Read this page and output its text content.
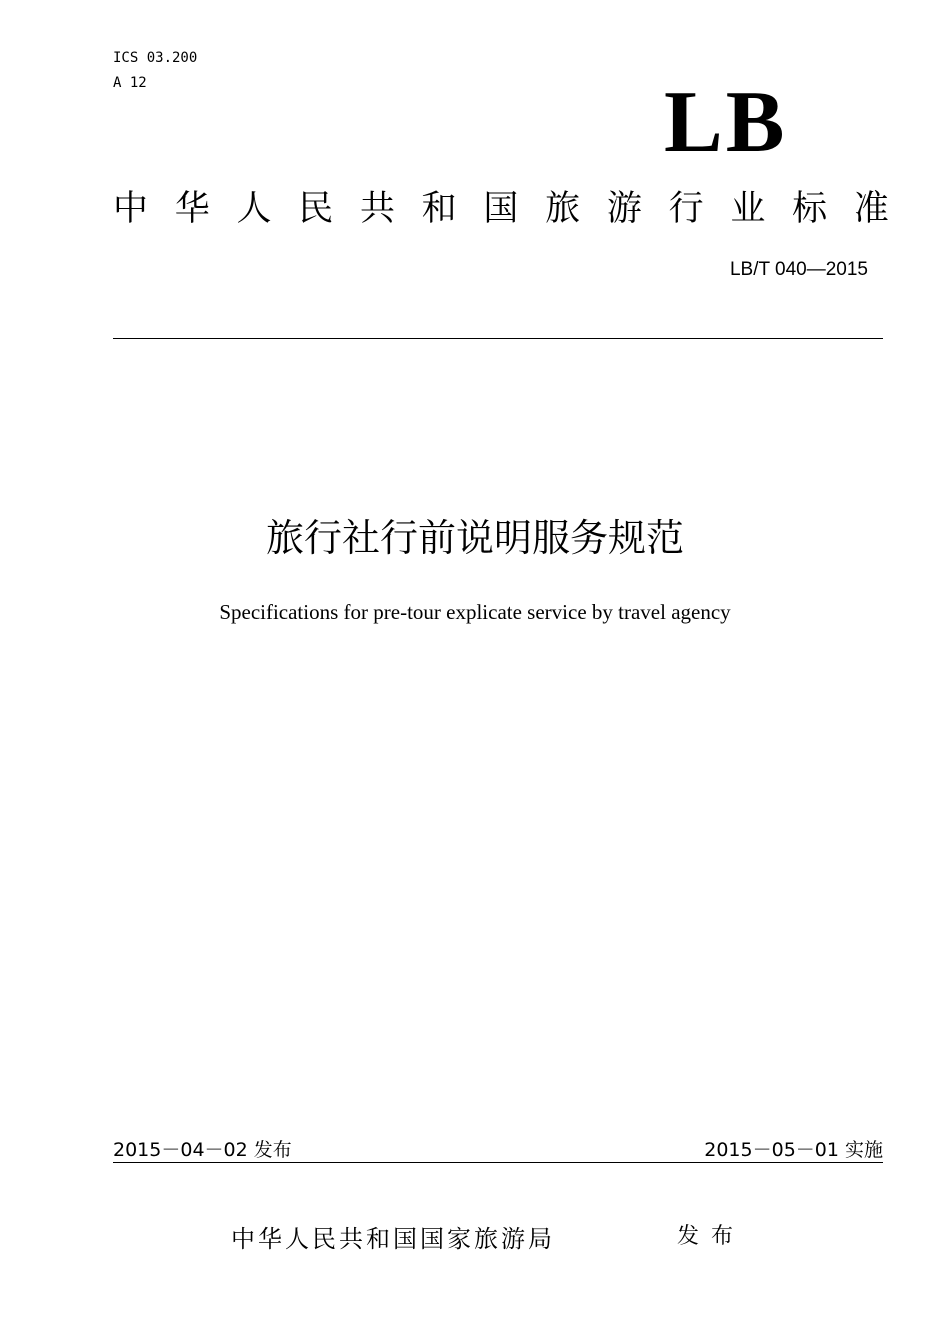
ICS 03.200
A 12	LB
中 华 人 民 共 和 国 旅 游 行 业 标 准
LB/T 040—2015
旅行社行前说明服务规范
Specifications for pre-tour explicate service by travel agency
2015－04－02 发布	2015－05－01 实施
中华人民共和国国家旅游局	发布
